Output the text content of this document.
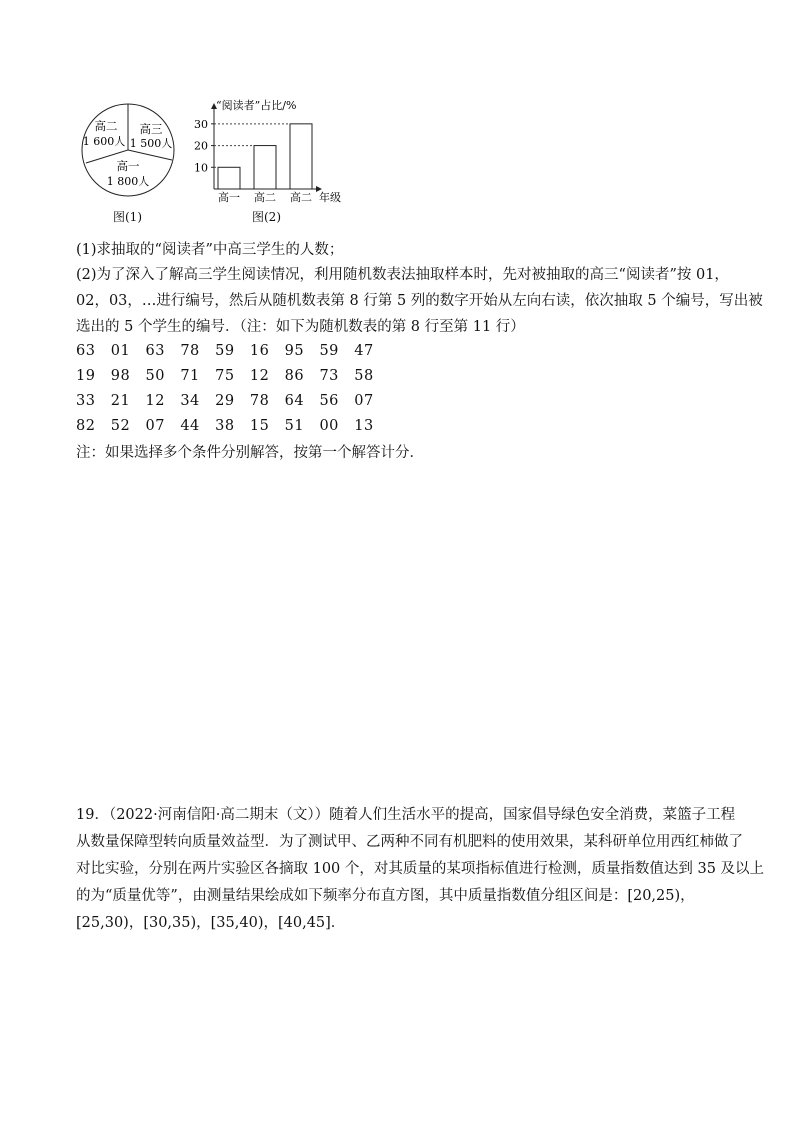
高二
1 600人
高三
1 500人
高一
1 800人
图(1)
“阅读者”占比/%
年级
10
20
30
高一 高二 高二
图(2)
(1)求抽取的“阅读者”中高三学生的人数；
(2)为了深入了解高三学生阅读情况，利用随机数表法抽取样本时，先对被抽取的高三“阅读者”按 01，
02，03，…进行编号，然后从随机数表第 8 行第 5 列的数字开始从左向右读，依次抽取 5 个编号，写出被
选出的 5 个学生的编号．（注：如下为随机数表的第 8 行至第 11 行）
63   01   63   78   59   16   95   59   47
19   98   50   71   75   12   86   73   58
33   21   12   34   29   78   64   56   07
82   52   07   44   38   15   51   00   13
注：如果选择多个条件分别解答，按第一个解答计分．
19．（2022·河南信阳·高二期末（文））随着人们生活水平的提高，国家倡导绿色安全消费，菜篮子工程
从数量保障型转向质量效益型．为了测试甲、乙两种不同有机肥料的使用效果，某科研单位用西红柿做了
对比实验，分别在两片实验区各摘取 100 个，对其质量的某项指标值进行检测，质量指数值达到 35 及以上
的为“质量优等”，由测量结果绘成如下频率分布直方图，其中质量指数值分组区间是：[20,25)，
[25,30)，[30,35)，[35,40)，[40,45]．
